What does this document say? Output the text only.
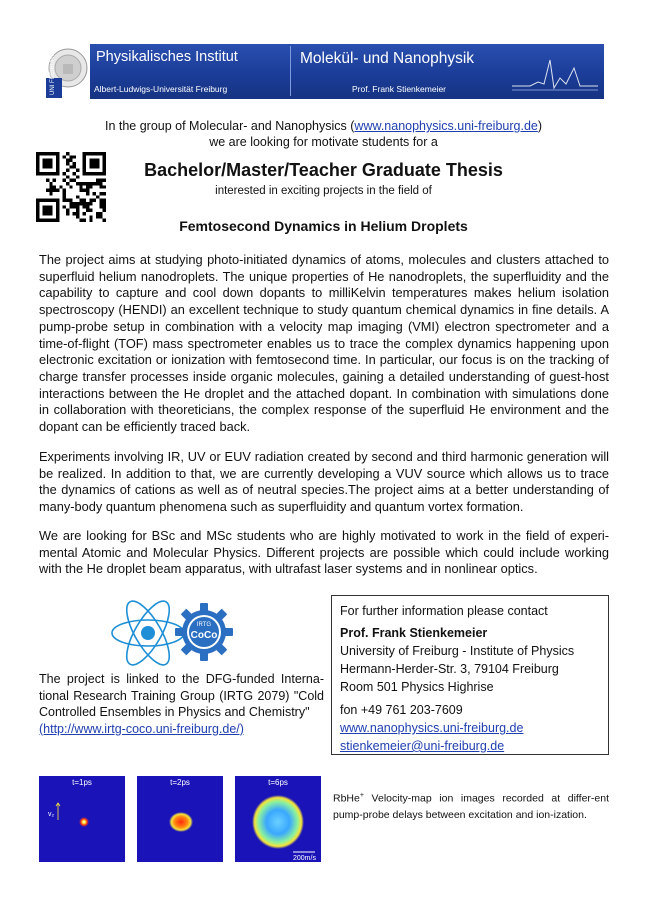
UNI FREIBURG	Physikalisches Institut
Albert-Ludwigs-Universität Freiburg
Molekül- und Nanophysik
Prof. Frank Stienkemeier
In the group of Molecular- and Nanophysics (www.nanophysics.uni-freiburg.de)
we are looking for motivate students for a
Bachelor/Master/Teacher Graduate Thesis
interested in exciting projects in the field of
Femtosecond Dynamics in Helium Droplets
The project aims at studying photo-initiated dynamics of atoms, molecules and clusters attached to superfluid helium nanodroplets. The unique properties of He nanodroplets, the superfluidity and the capability to capture and cool down dopants to milliKelvin temperatures makes helium isolation spectroscopy (HENDI) an excellent technique to study quantum chemical dynamics in fine details. A pump-probe setup in combination with a velocity map imaging (VMI) electron spectrometer and a time-of-flight (TOF) mass spectrometer enables us to trace the complex dynamics happening upon electronic excitation or ionization with femtosecond time. In particular, our focus is on the tracking of charge transfer processes inside organic molecules, gaining a detailed understanding of guest-host interactions between the He droplet and the attached dopant. In combination with simulations done in collaboration with theoreticians, the complex response of the superfluid He environment and the dopant can be efficiently traced back.
Experiments involving IR, UV or EUV radiation created by second and third harmonic generation will be realized. In addition to that, we are currently developing a VUV source which allows us to trace the dynamics of cations as well as of neutral species.The project aims at a better understanding of many-body quantum phenomena such as superfluidity and quantum vortex formation.
We are looking for BSc and MSc students who are highly motivated to work in the field of experi-mental Atomic and Molecular Physics. Different projects are possible which could include working with the He droplet beam apparatus, with ultrafast laser systems and in nonlinear optics.
IRTG
CoCo
The project is linked to the DFG-funded Interna-tional Research Training Group (IRTG 2079) "Cold Controlled Ensembles in Physics and Chemistry"
(http://www.irtg-coco.uni-freiburg.de/)
For further information please contact
Prof. Frank Stienkemeier
University of Freiburg - Institute of Physics
Hermann-Herder-Str. 3, 79104 Freiburg
Room 501 Physics Highrise
fon +49 761 203-7609
www.nanophysics.uni-freiburg.de
stienkemeier@uni-freiburg.de
t=1ps
v₂
t=2ps	t=6ps
200m/s
RbHe+ Velocity-map ion images recorded at differ-ent pump-probe delays between excitation and ion-ization.
